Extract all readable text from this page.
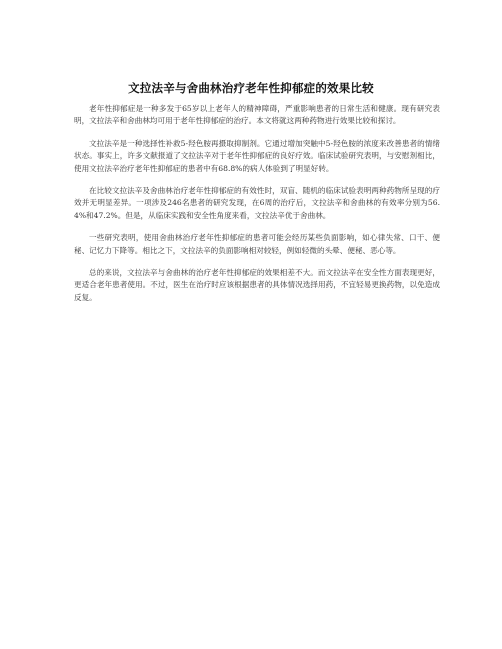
文拉法辛与舍曲林治疗老年性抑郁症的效果比较

老年性抑郁症是一种多发于65岁以上老年人的精神障碍，严重影响患者的日常生活和健康。现有研究表明，文拉法辛和舍曲林均可用于老年性抑郁症的治疗。本文将就这两种药物进行效果比较和探讨。

文拉法辛是一种选择性补救5-羟色胺再摄取抑制剂。它通过增加突触中5-羟色胺的浓度来改善患者的情绪状态。事实上，许多文献报道了文拉法辛对于老年性抑郁症的良好疗效。临床试验研究表明，与安慰剂相比，使用文拉法辛治疗老年性抑郁症的患者中有68.8%的病人体验到了明显好转。

在比较文拉法辛及舍曲林治疗老年性抑郁症的有效性时，双盲、随机的临床试验表明两种药物所呈现的疗效并无明显差异。一项涉及246名患者的研究发现，在6周的治疗后，文拉法辛和舍曲林的有效率分别为56.4%和47.2%。但是，从临床实践和安全性角度来看，文拉法辛优于舍曲林。

一些研究表明，使用舍曲林治疗老年性抑郁症的患者可能会经历某些负面影响，如心律失常、口干、便秘、记忆力下降等。相比之下，文拉法辛的负面影响相对较轻，例如轻微的头晕、便秘、恶心等。

总的来说，文拉法辛与舍曲林的治疗老年性抑郁症的效果相差不大。而文拉法辛在安全性方面表现更好，更适合老年患者使用。不过，医生在治疗时应该根据患者的具体情况选择用药，不宜轻易更换药物，以免造成反复。
